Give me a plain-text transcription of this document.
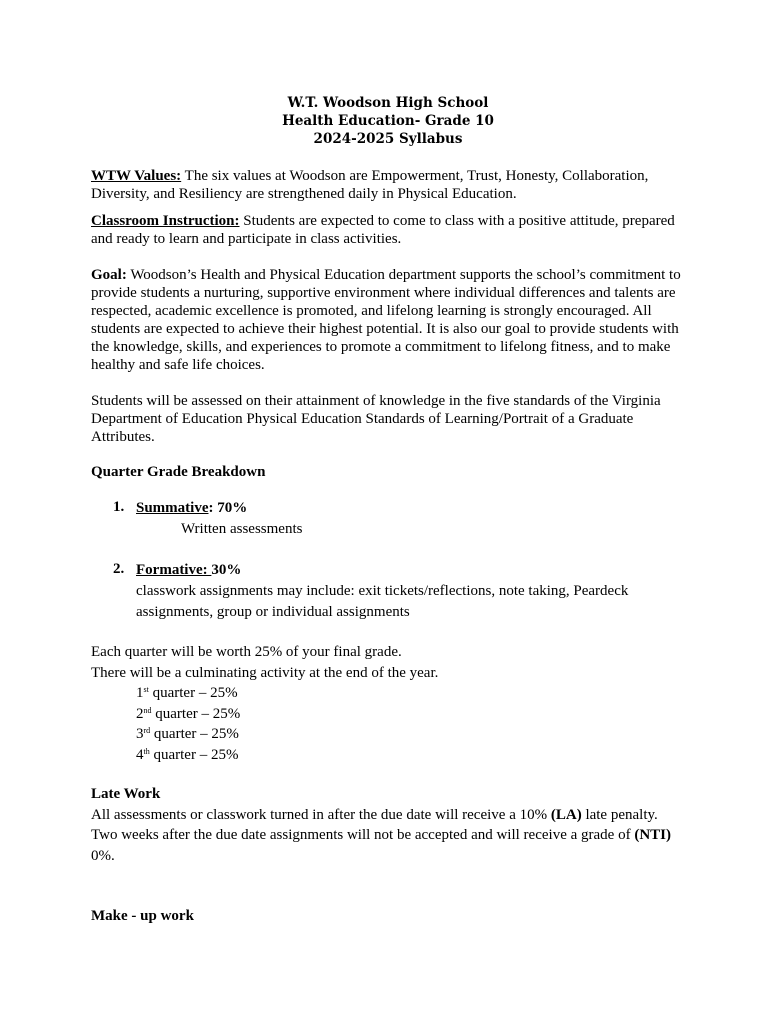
W.T. Woodson High School
Health Education- Grade 10
2024-2025 Syllabus

WTW Values: The six values at Woodson are Empowerment, Trust, Honesty, Collaboration, Diversity, and Resiliency are strengthened daily in Physical Education.

Classroom Instruction: Students are expected to come to class with a positive attitude, prepared and ready to learn and participate in class activities.

Goal: Woodson’s Health and Physical Education department supports the school’s commitment to provide students a nurturing, supportive environment where individual differences and talents are respected, academic excellence is promoted, and lifelong learning is strongly encouraged. All students are expected to achieve their highest potential. It is also our goal to provide students with the knowledge, skills, and experiences to promote a commitment to lifelong fitness, and to make healthy and safe life choices.

Students will be assessed on their attainment of knowledge in the five standards of the Virginia Department of Education Physical Education Standards of Learning/Portrait of a Graduate Attributes.

Quarter Grade Breakdown

1. Summative: 70%
Written assessments
2. Formative: 30%
classwork assignments may include: exit tickets/reflections, note taking, Peardeck assignments, group or individual assignments
Each quarter will be worth 25% of your final grade.
There will be a culminating activity at the end of the year.
1st quarter – 25%
2nd quarter – 25%
3rd quarter – 25%
4th quarter – 25%
Late Work
All assessments or classwork turned in after the due date will receive a 10% (LA) late penalty. Two weeks after the due date assignments will not be accepted and will receive a grade of (NTI) 0%.
Make - up work
